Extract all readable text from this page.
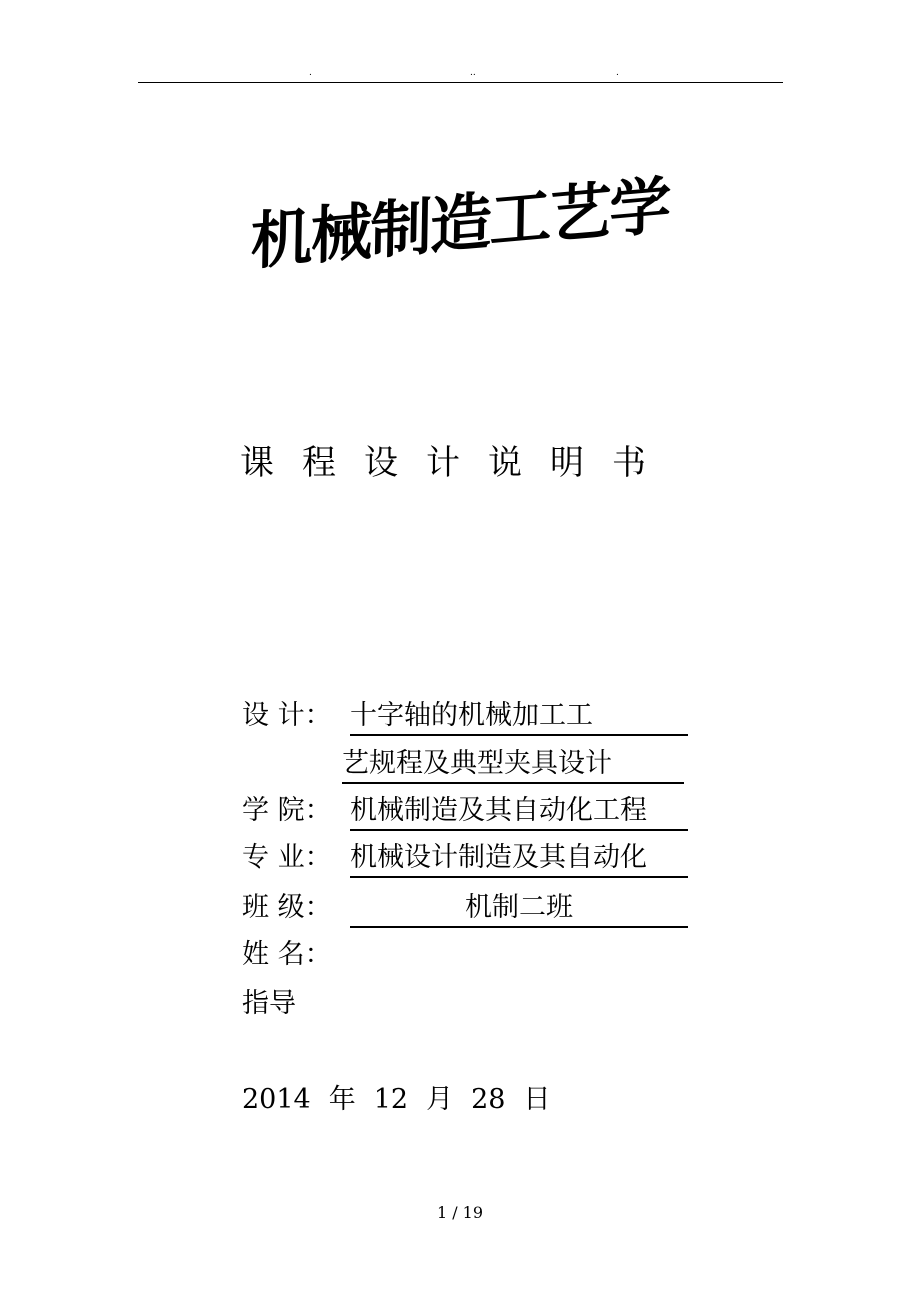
.	..	.
机械制造工艺学
课程设计说明书
设 计： 十字轴的机械加工工
艺规程及典型夹具设计
学 院： 机械制造及其自动化工程
专 业： 机械设计制造及其自动化
班 级：	机制二班
姓 名：
指导
2014 年 12 月 28 日
1 / 19
